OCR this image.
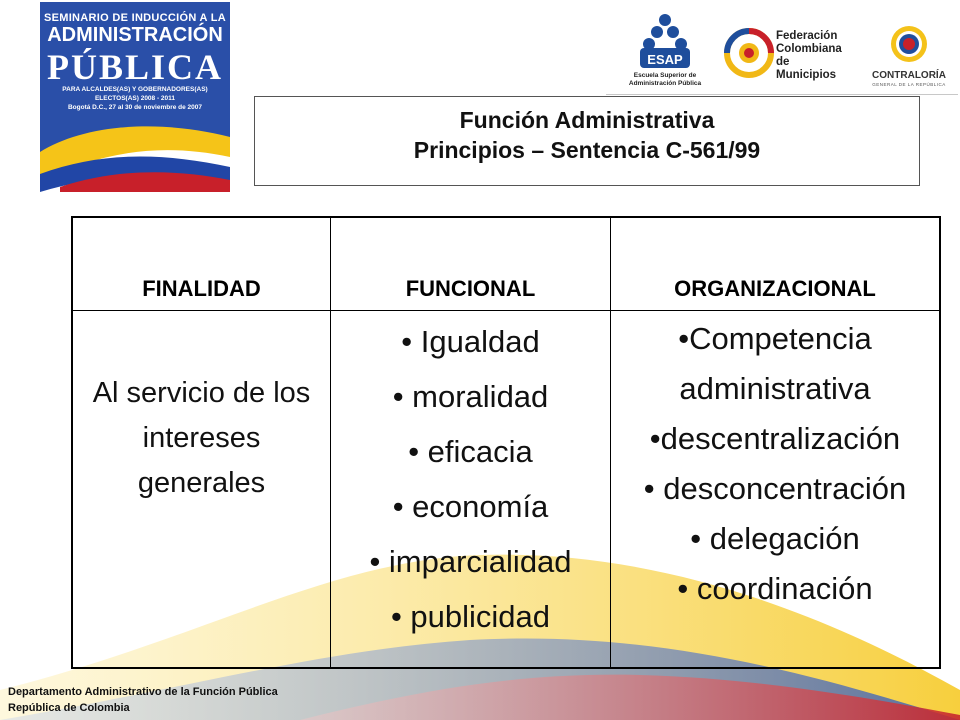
SEMINARIO DE INDUCCIÓN A LA
ADMINISTRACIÓN
PÚBLICA
PARA ALCALDES(AS) Y GOBERNADORES(AS)
ELECTOS(AS) 2008 - 2011
Bogotá D.C., 27 al 30 de noviembre de 2007
ESAP
Escuela Superior de
Administración Pública
Federación
Colombiana
de Municipios	CONTRALORÍA
GENERAL DE LA REPÚBLICA
Función Administrativa
Principios – Sentencia C-561/99
FINALIDAD
Al servicio de los intereses generales
FUNCIONAL
• Igualdad
• moralidad
• eficacia
• economía
• imparcialidad
• publicidad
ORGANIZACIONAL
•Competencia administrativa
•descentralización
• desconcentración
• delegación
• coordinación
Departamento Administrativo de la Función Pública
República de Colombia
